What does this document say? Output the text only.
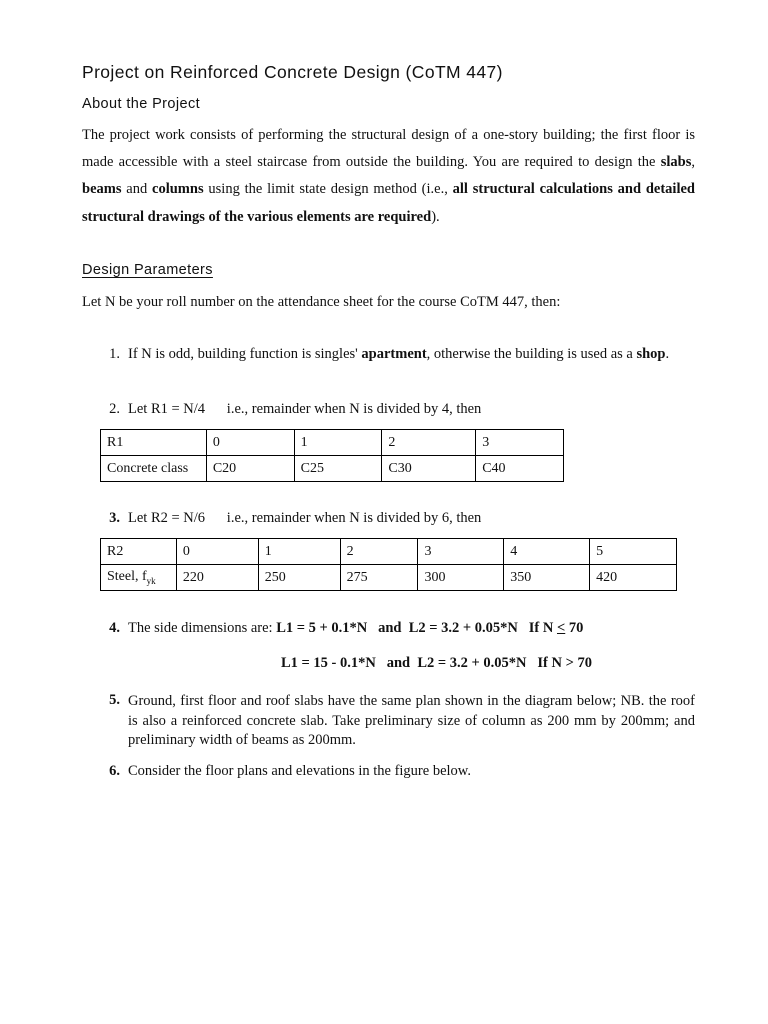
Project on Reinforced Concrete Design (CoTM 447)
About the Project

The project work consists of performing the structural design of a one-story building; the first floor is made accessible with a steel staircase from outside the building. You are required to design the slabs, beams and columns using the limit state design method (i.e., all structural calculations and detailed structural drawings of the various elements are required).

Design Parameters

Let N be your roll number on the attendance sheet for the course CoTM 447, then:

1. If N is odd, building function is singles' apartment, otherwise the building is used as a shop.
2. Let R1 = N/4      i.e., remainder when N is divided by 4, then
R1	0	1	2	3
Concrete class	C20	C25	C30	C40
3. Let R2 = N/6      i.e., remainder when N is divided by 6, then
R2	0	1	2	3	4	5
Steel, $f_{yk}$	220	250	275	300	350	420
4. The side dimensions are: L1 = 5 + 0.1*N   and  L2 = 3.2 + 0.05*N   If N ≤ 70
L1 = 15 - 0.1*N   and  L2 = 3.2 + 0.05*N   If N > 70
5. Ground, first floor and roof slabs have the same plan shown in the diagram below; NB. the roof is also a reinforced concrete slab. Take preliminary size of column as 200 mm by 200mm; and preliminary width of beams as 200mm.
6. Consider the floor plans and elevations in the figure below.
